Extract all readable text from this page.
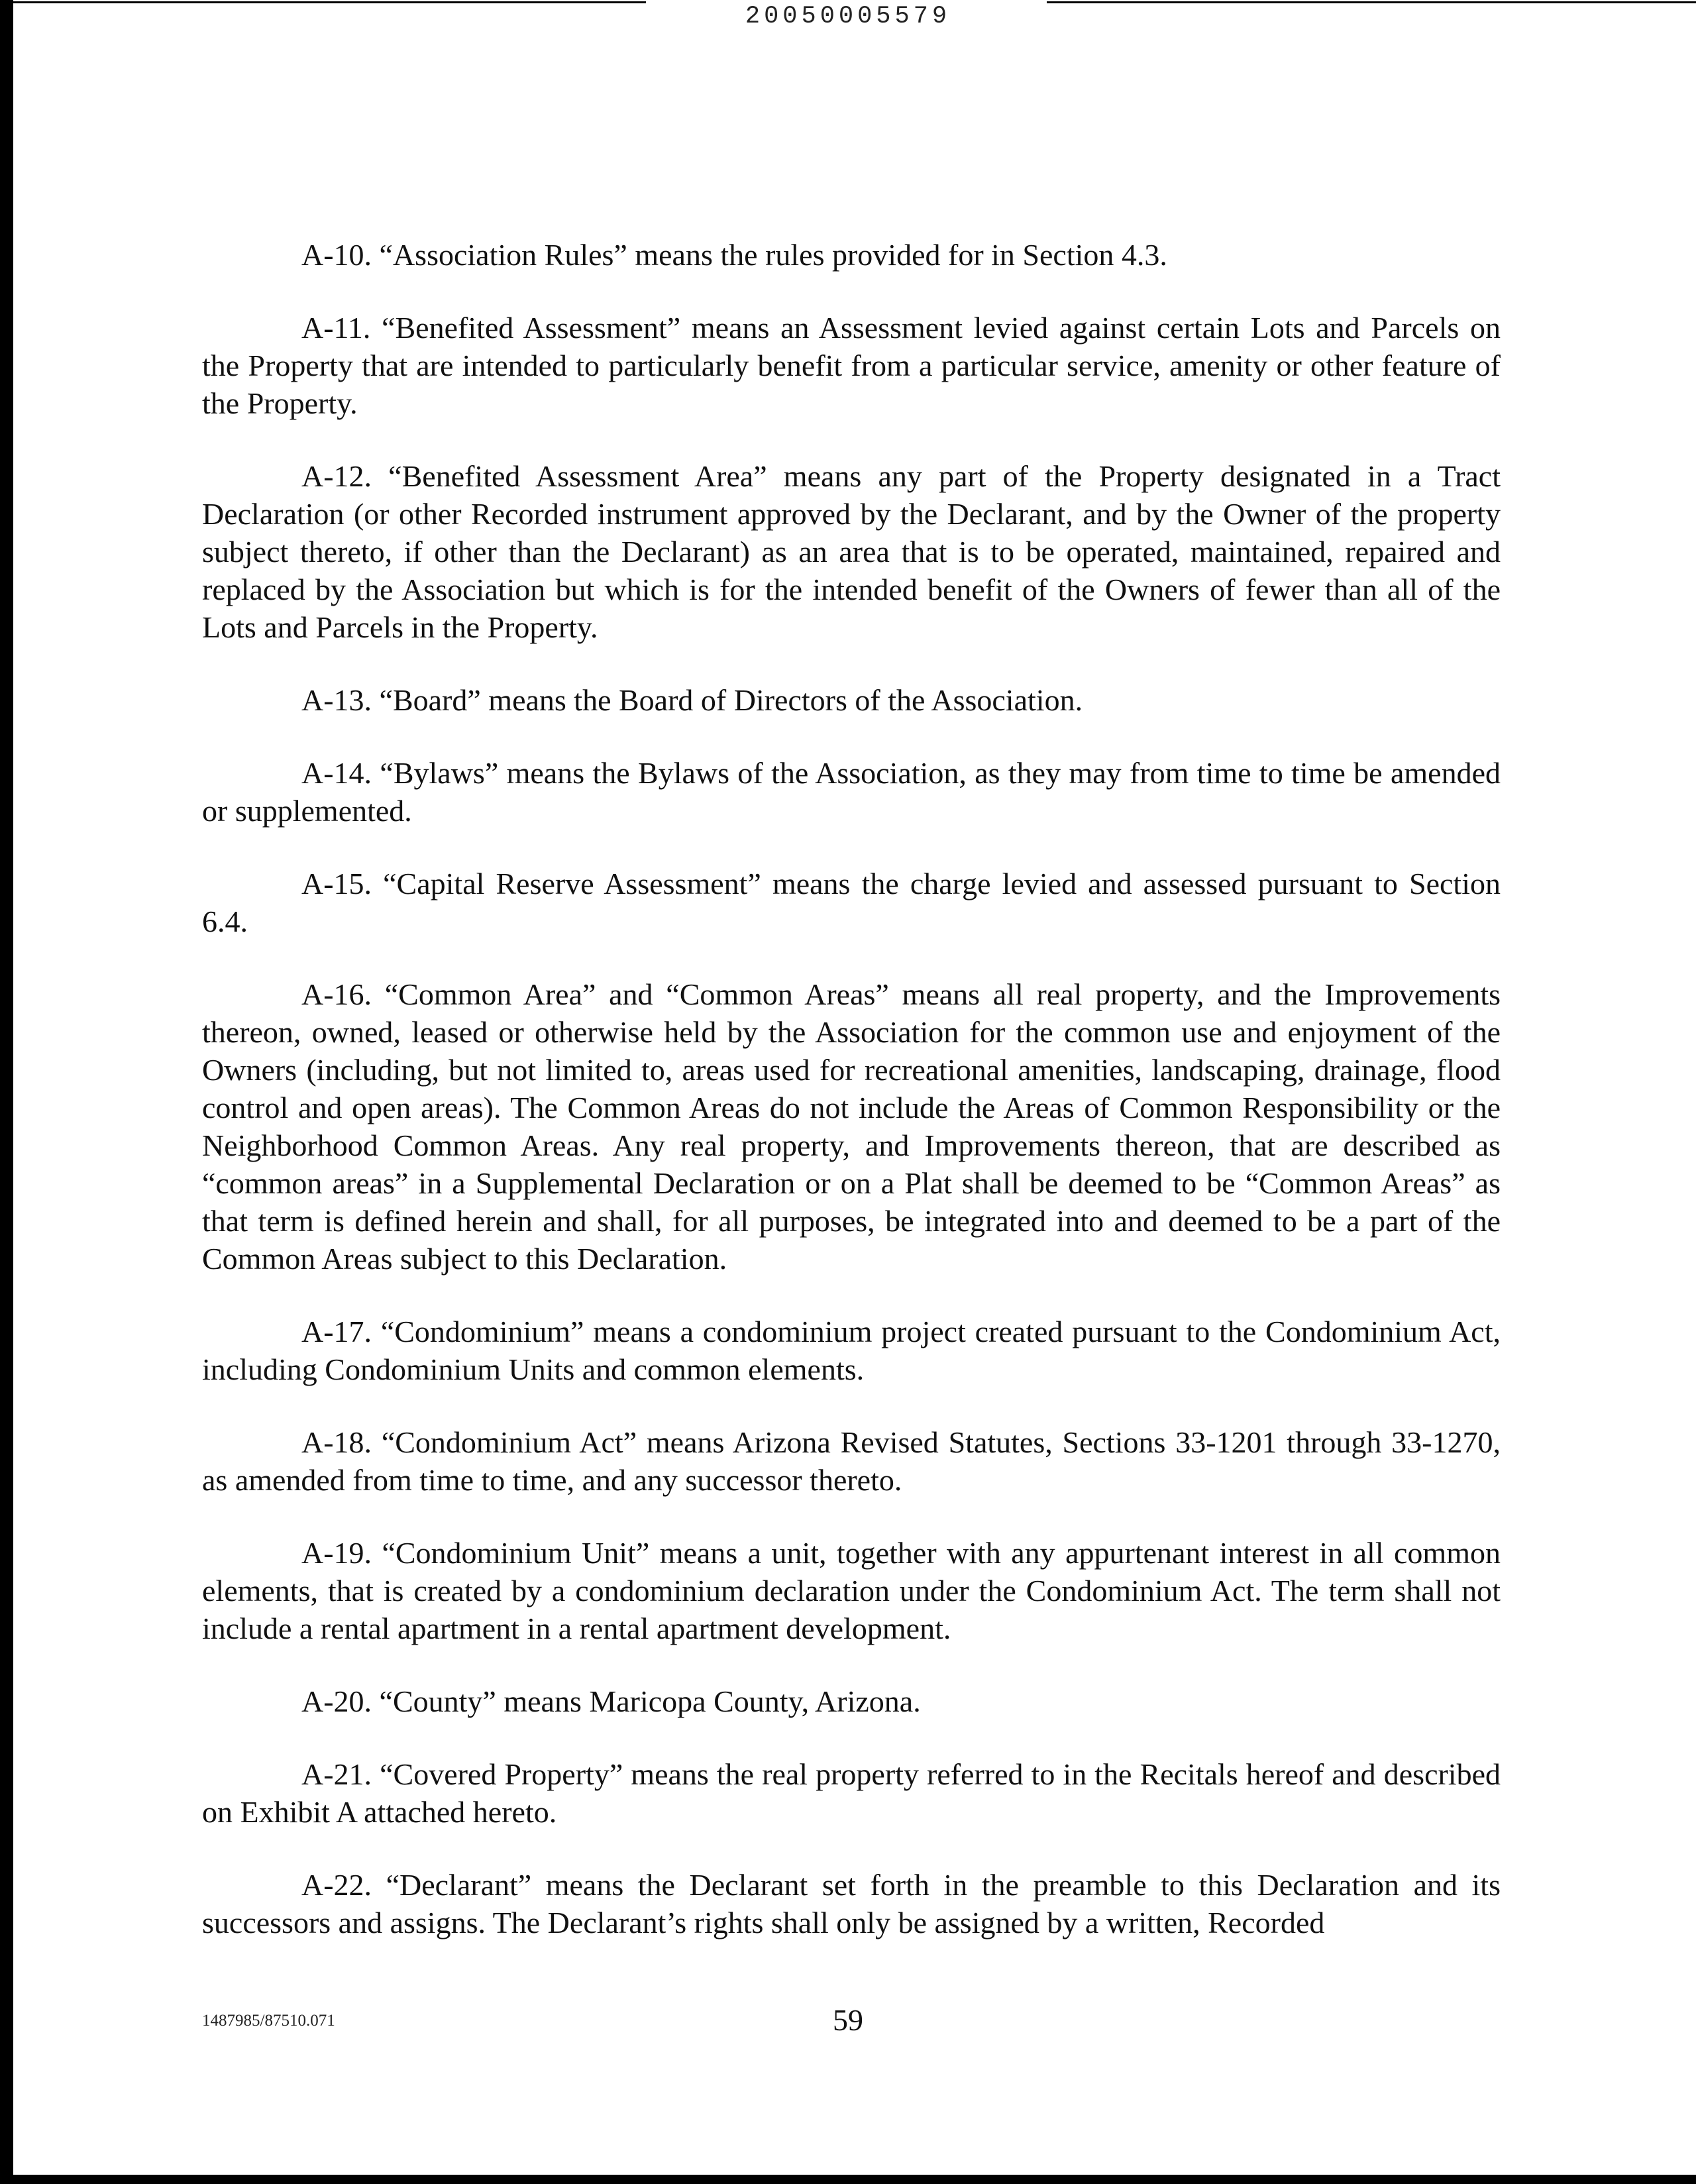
20050005579

A-10. “Association Rules” means the rules provided for in Section 4.3.

A-11. “Benefited Assessment” means an Assessment levied against certain Lots and Parcels on the Property that are intended to particularly benefit from a particular service, amenity or other feature of the Property.

A-12. “Benefited Assessment Area” means any part of the Property designated in a Tract Declaration (or other Recorded instrument approved by the Declarant, and by the Owner of the property subject thereto, if other than the Declarant) as an area that is to be operated, maintained, repaired and replaced by the Association but which is for the intended benefit of the Owners of fewer than all of the Lots and Parcels in the Property.

A-13. “Board” means the Board of Directors of the Association.

A-14. “Bylaws” means the Bylaws of the Association, as they may from time to time be amended or supplemented.

A-15. “Capital Reserve Assessment” means the charge levied and assessed pursuant to Section 6.4.

A-16. “Common Area” and “Common Areas” means all real property, and the Improvements thereon, owned, leased or otherwise held by the Association for the common use and enjoyment of the Owners (including, but not limited to, areas used for recreational amenities, landscaping, drainage, flood control and open areas). The Common Areas do not include the Areas of Common Responsibility or the Neighborhood Common Areas. Any real property, and Improvements thereon, that are described as “common areas” in a Supplemental Declaration or on a Plat shall be deemed to be “Common Areas” as that term is defined herein and shall, for all purposes, be integrated into and deemed to be a part of the Common Areas subject to this Declaration.

A-17. “Condominium” means a condominium project created pursuant to the Condominium Act, including Condominium Units and common elements.

A-18. “Condominium Act” means Arizona Revised Statutes, Sections 33-1201 through 33-1270, as amended from time to time, and any successor thereto.

A-19. “Condominium Unit” means a unit, together with any appurtenant interest in all common elements, that is created by a condominium declaration under the Condominium Act. The term shall not include a rental apartment in a rental apartment development.

A-20. “County” means Maricopa County, Arizona.

A-21. “Covered Property” means the real property referred to in the Recitals hereof and described on Exhibit A attached hereto.

A-22. “Declarant” means the Declarant set forth in the preamble to this Declaration and its successors and assigns. The Declarant’s rights shall only be assigned by a written, Recorded

1487985/87510.071	59
